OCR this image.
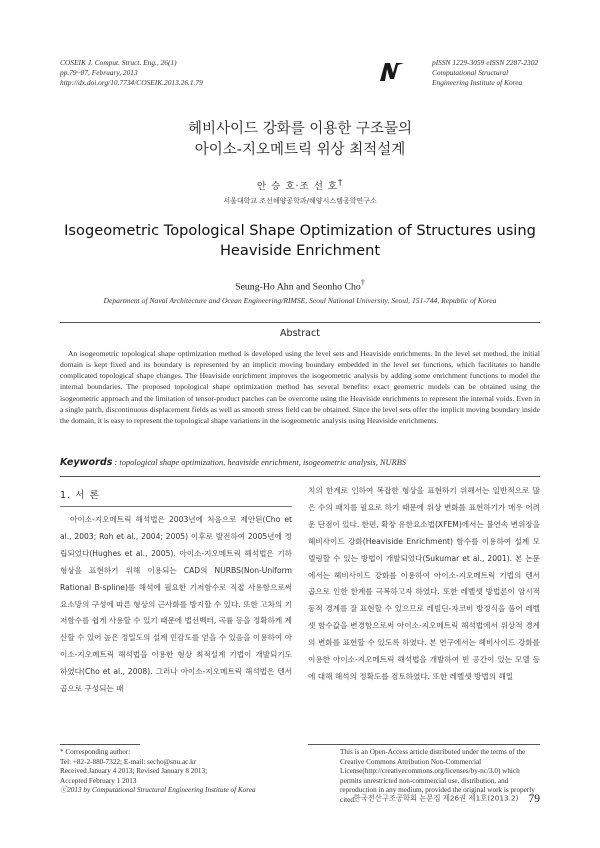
COSEIK J. Comput. Struct. Eng., 26(1)
pp.79~87, February, 2013
http://dx.doi.org/10.7734/COSEIK.2013.26.1.79
pISSN 1229-3059 eISSN 2287-2302
Computational Structural
Engineering Institute of Korea
헤비사이드 강화를 이용한 구조물의
아이소-지오메트릭 위상 최적설계
안 승 호·조 선 호†
서울대학교 조선해양공학과/해양시스템공학연구소
Isogeometric Topological Shape Optimization of Structures using
Heaviside Enrichment
Seung-Ho Ahn and Seonho Cho†
Department of Naval Architecture and Ocean Engineering/RIMSE, Seoul National University, Seoul, 151-744, Republic of Korea
Abstract
An isogeometric topological shape optimization method is developed using the level sets and Heaviside enrichments. In the level set method, the initial domain is kept fixed and its boundary is represented by an implicit moving boundary embedded in the level set functions, which facilitates to handle complicated topological shape changes. The Heaviside enrichment improves the isogeometric analysis by adding some enrichment functions to model the internal boundaries. The proposed topological shape optimization method has several benefits: exact geometric models can be obtained using the isogeometric approach and the limitation of tensor-product patches can be overcome using the Heaviside enrichments to represent the internal voids. Even in a single patch, discontinuous displacement fields as well as smooth stress field can be obtained. Since the level sets offer the implicit moving boundary inside the domain, it is easy to represent the topological shape variations in the isogeometric analysis using Heaviside enrichments.
Keywords : topological shape optimization, heaviside enrichment, isogeometric analysis, NURBS
1. 서 론
아이소-지오메트릭 해석법은 2003년에 처음으로 제안된(Cho et al., 2003; Roh et al., 2004; 2005) 이후로 발전하여 2005년에 정립되었다(Hughes et al., 2005). 아이소-지오메트릭 해석법은 기하형상을 표현하기 위해 이용되는 CAD의 NURBS(Non-Uniform Rational B-spline)를 해석에 필요한 기저함수로 직접 사용함으로써 요소망의 구성에 따른 형상의 근사화를 방지할 수 있다. 또한 고차의 기저함수를 쉽게 사용할 수 있기 때문에 법선벡터, 곡률 등을 정확하게 계산할 수 있어 높은 정밀도의 설계 민감도를 얻을 수 있음을 이용하여 아이소-지오메트릭 해석법을 이용한 형상 최적설계 기법이 개발되기도 하였다(Cho et al., 2008). 그러나 아이소-지오메트릭 해석법은 텐서 곱으로 구성되는 패
치의 한계로 인하여 복잡한 형상을 표현하기 위해서는 일반적으로 많은 수의 패치를 필요로 하기 때문에 위상 변화를 표현하기가 매우 어려운 단점이 있다. 한편, 확장 유한요소법(XFEM)에서는 불연속 변위장을 헤비사이드 강화(Heaviside Enrichment) 함수를 이용하여 설계 모델링할 수 있는 방법이 개발되었다(Sukumar et al., 2001). 본 논문에서는 헤비사이드 강화를 이용하여 아이소-지오메트릭 기법의 텐서 곱으로 인한 한계를 극복하고자 하였다. 또한 레벨셋 방법론이 암시적 동적 경계를 잘 표현할 수 있으므로 레빌딘-자코비 방정식을 풀어 레벨셋 함수값을 변경함으로써 아이소-지오메트릭 해석법에서 위상적 경계의 변화를 표현할 수 있도록 하였다. 본 연구에서는 헤비사이드 강화를 이용한 아이소-지오메트릭 해석법을 개발하여 빈 공간이 있는 모델 등에 대해 해석의 정확도를 검토하였다. 또한 레벨셋 방법의 해밀
* Corresponding author:
Tel: +82-2-880-7322; E-mail: secho@snu.ac.kr
Received January 4 2013; Revised January 8 2013;
Accepted February 1 2013
ⓒ2013 by Computational Structural Engineering Institute of Korea
This is an Open-Access article distributed under the terms of the Creative Commons Attribution Non-Commercial License(http://creativecommons.org/licenses/by-nc/3.0) which permits unrestricted non-commercial use, distribution, and reproduction in any medium, provided the original work is properly cited.
한국전산구조공학회 논문집 제26권 제1호(2013.2) 79
